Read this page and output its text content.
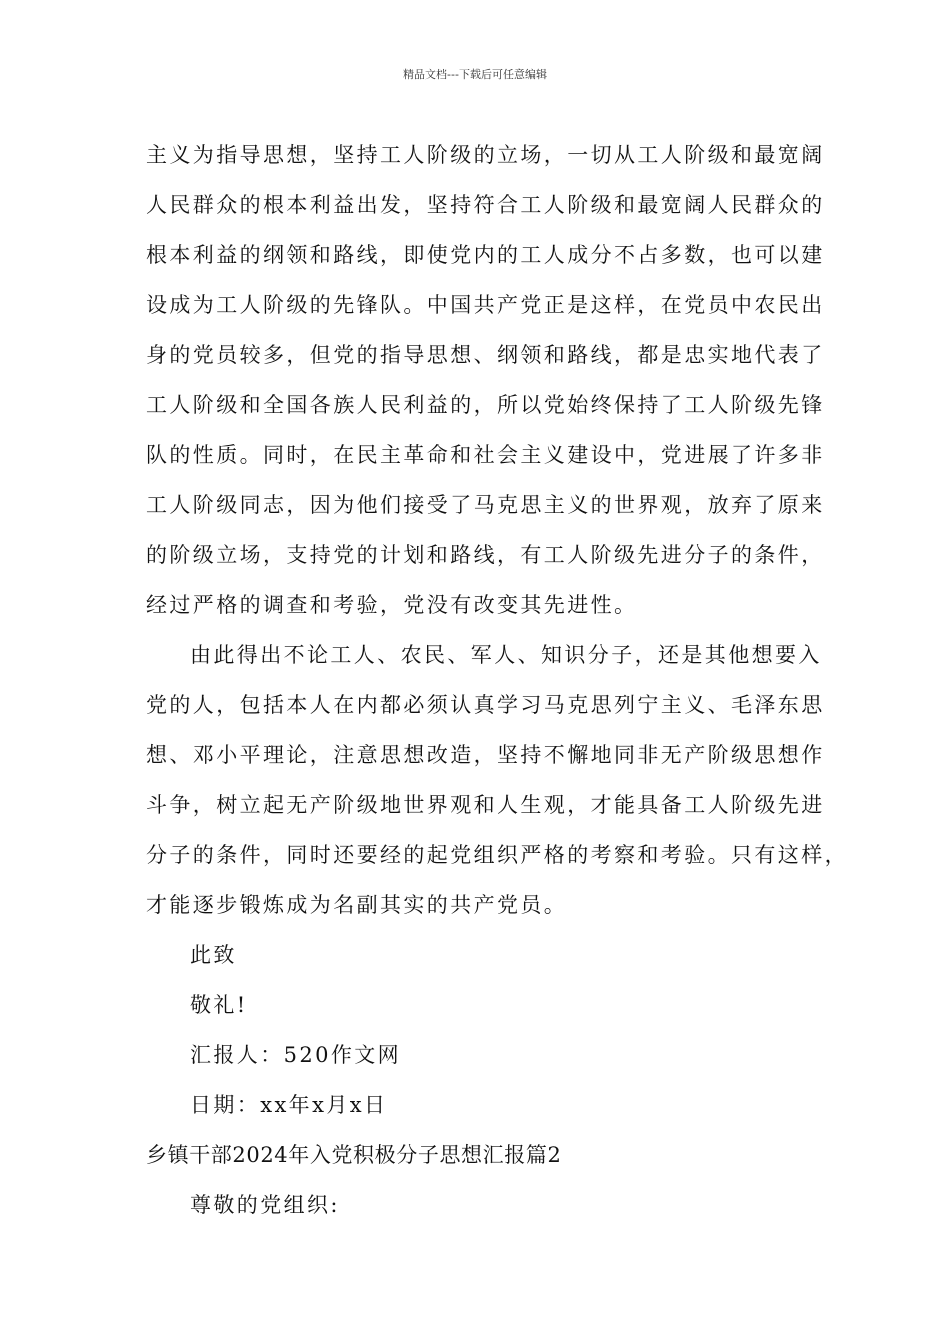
精品文档---下载后可任意编辑
主义为指导思想，坚持工人阶级的立场，一切从工人阶级和最宽阔
人民群众的根本利益出发，坚持符合工人阶级和最宽阔人民群众的
根本利益的纲领和路线，即使党内的工人成分不占多数，也可以建
设成为工人阶级的先锋队。中国共产党正是这样，在党员中农民出
身的党员较多，但党的指导思想、纲领和路线，都是忠实地代表了
工人阶级和全国各族人民利益的，所以党始终保持了工人阶级先锋
队的性质。同时，在民主革命和社会主义建设中，党进展了许多非
工人阶级同志，因为他们接受了马克思主义的世界观，放弃了原来
的阶级立场，支持党的计划和路线，有工人阶级先进分子的条件，
经过严格的调查和考验，党没有改变其先进性。
由此得出不论工人、农民、军人、知识分子，还是其他想要入
党的人，包括本人在内都必须认真学习马克思列宁主义、毛泽东思
想、邓小平理论，注意思想改造，坚持不懈地同非无产阶级思想作
斗争，树立起无产阶级地世界观和人生观，才能具备工人阶级先进
分子的条件，同时还要经的起党组织严格的考察和考验。只有这样，
才能逐步锻炼成为名副其实的共产党员。
此致
敬礼!
汇报人：520作文网
日期：xx年x月x日
乡镇干部2024年入党积极分子思想汇报篇2
尊敬的党组织:
